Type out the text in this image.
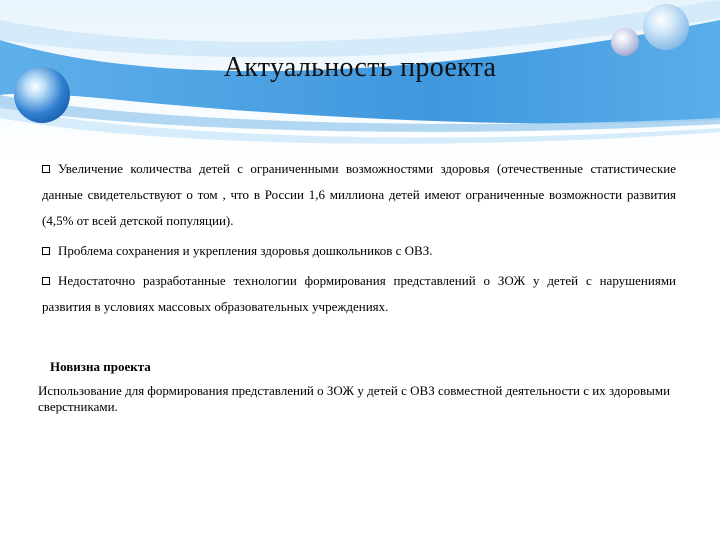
Актуальность проекта
Увеличение количества детей с ограниченными возможностями здоровья (отечественные статистические данные свидетельствуют о том , что в России 1,6 миллиона детей имеют ограниченные возможности развития (4,5% от всей детской популяции).
Проблема сохранения и укрепления здоровья дошкольников с ОВЗ.
Недостаточно разработанные технологии формирования представлений о ЗОЖ у детей с нарушениями развития в условиях массовых образовательных учреждениях.
Новизна проекта
Использование для формирования представлений о ЗОЖ у детей с ОВЗ совместной деятельности с их здоровыми сверстниками.
